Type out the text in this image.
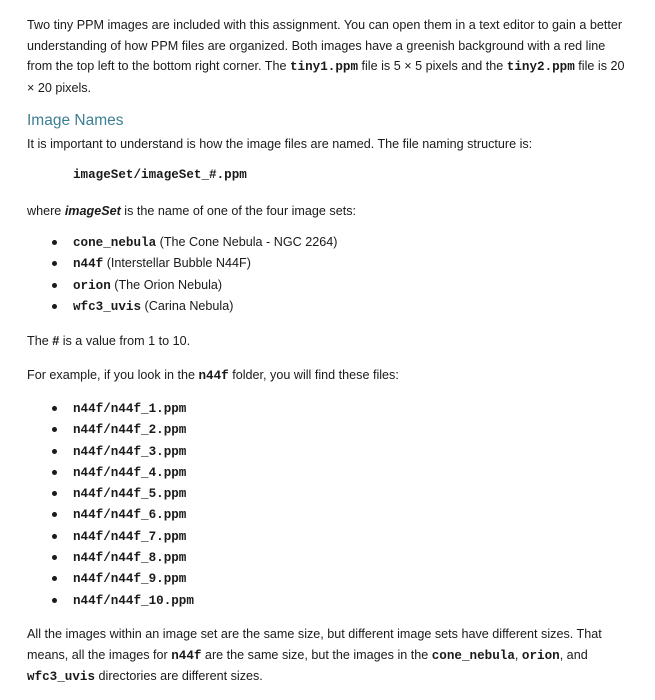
Two tiny PPM images are included with this assignment. You can open them in a text editor to gain a better understanding of how PPM files are organized. Both images have a greenish background with a red line from the top left to the bottom right corner. The tiny1.ppm file is 5 × 5 pixels and the tiny2.ppm file is 20 × 20 pixels.

Image Names

It is important to understand is how the image files are named. The file naming structure is:

imageSet/imageSet_#.ppm

where imageSet is the name of one of the four image sets:

cone_nebula (The Cone Nebula - NGC 2264)
n44f (Interstellar Bubble N44F)
orion (The Orion Nebula)
wfc3_uvis (Carina Nebula)

The # is a value from 1 to 10.

For example, if you look in the n44f folder, you will find these files:

n44f/n44f_1.ppm
n44f/n44f_2.ppm
n44f/n44f_3.ppm
n44f/n44f_4.ppm
n44f/n44f_5.ppm
n44f/n44f_6.ppm
n44f/n44f_7.ppm
n44f/n44f_8.ppm
n44f/n44f_9.ppm
n44f/n44f_10.ppm

All the images within an image set are the same size, but different image sets have different sizes. That means, all the images for n44f are the same size, but the images in the cone_nebula, orion, and wfc3_uvis directories are different sizes.
